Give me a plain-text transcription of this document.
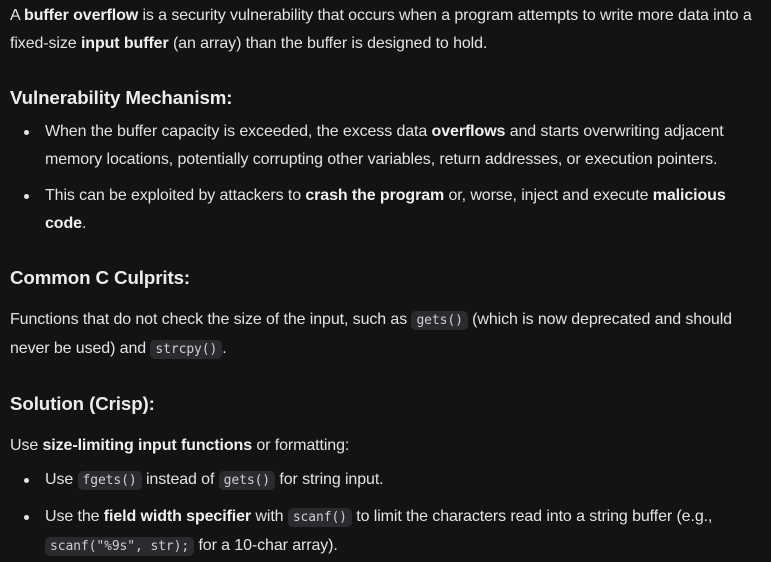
A buffer overflow is a security vulnerability that occurs when a program attempts to write more data into a fixed-size input buffer (an array) than the buffer is designed to hold.

Vulnerability Mechanism:
When the buffer capacity is exceeded, the excess data overflows and starts overwriting adjacent memory locations, potentially corrupting other variables, return addresses, or execution pointers.
This can be exploited by attackers to crash the program or, worse, inject and execute malicious code.
Common C Culprits:

Functions that do not check the size of the input, such as gets() (which is now deprecated and should never be used) and strcpy() .

Solution (Crisp):

Use size-limiting input functions or formatting:

Use fgets() instead of gets() for string input.
Use the field width specifier with scanf() to limit the characters read into a string buffer (e.g., scanf("%9s", str); for a 10-char array).
